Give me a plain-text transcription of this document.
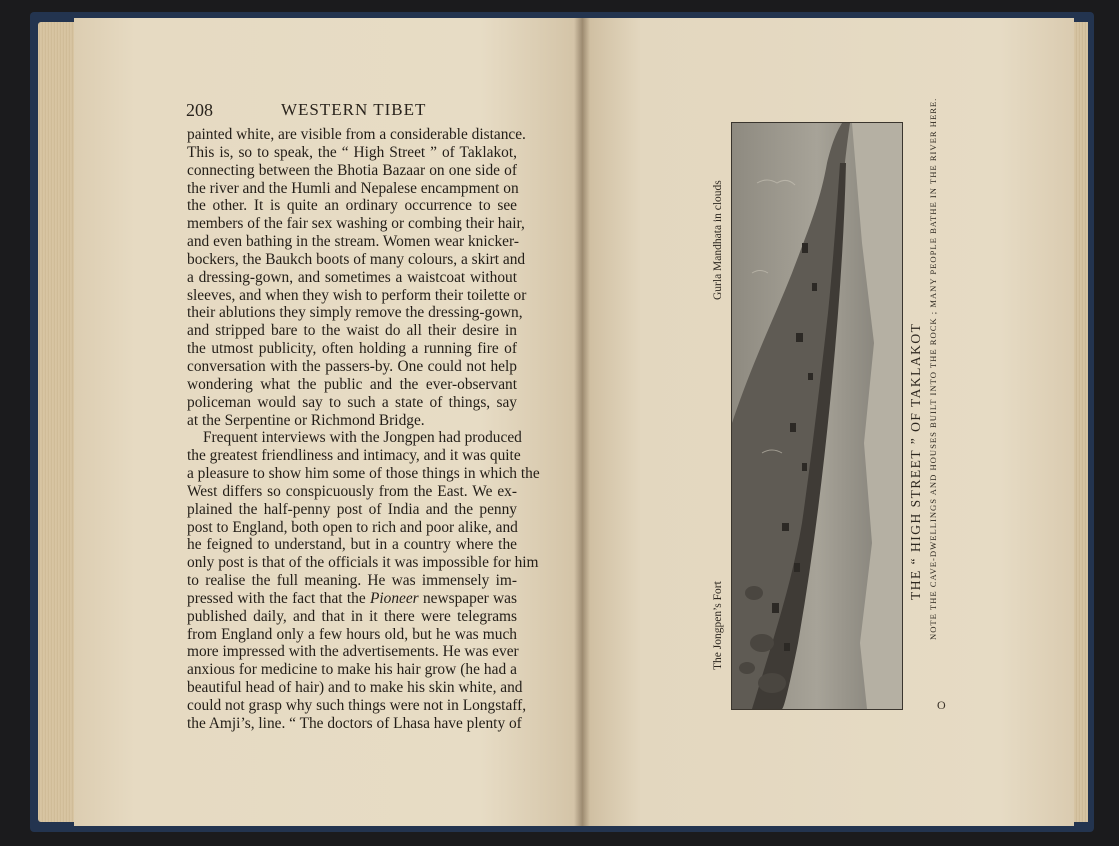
208	WESTERN TIBET
painted white, are visible from a considerable distance.
This is, so to speak, the “ High Street ” of Taklakot,
connecting between the Bhotia Bazaar on one side of
the river and the Humli and Nepalese encampment on
the other. It is quite an ordinary occurrence to see
members of the fair sex washing or combing their hair,
and even bathing in the stream. Women wear knicker-
bockers, the Baukch boots of many colours, a skirt and
a dressing-gown, and sometimes a waistcoat without
sleeves, and when they wish to perform their toilette or
their ablutions they simply remove the dressing-gown,
and stripped bare to the waist do all their desire in
the utmost publicity, often holding a running fire of
conversation with the passers-by. One could not help
wondering what the public and the ever-observant
policeman would say to such a state of things, say
at the Serpentine or Richmond Bridge.
Frequent interviews with the Jongpen had produced
the greatest friendliness and intimacy, and it was quite
a pleasure to show him some of those things in which the
West differs so conspicuously from the East. We ex-
plained the half-penny post of India and the penny
post to England, both open to rich and poor alike, and
he feigned to understand, but in a country where the
only post is that of the officials it was impossible for him
to realise the full meaning. He was immensely im-
pressed with the fact that the Pioneer newspaper was
published daily, and that in it there were telegrams
from England only a few hours old, but he was much
more impressed with the advertisements. He was ever
anxious for medicine to make his hair grow (he had a
beautiful head of hair) and to make his skin white, and
could not grasp why such things were not in Longstaff,
the Amji’s, line. “ The doctors of Lhasa have plenty of
The Jongpen’s Fort
Gurla Mandhata in clouds
THE “ HIGH STREET ” OF TAKLAKOT NOTE THE CAVE-DWELLINGS AND HOUSES BUILT INTO THE ROCK ; MANY PEOPLE BATHE IN THE RIVER HERE.
O
